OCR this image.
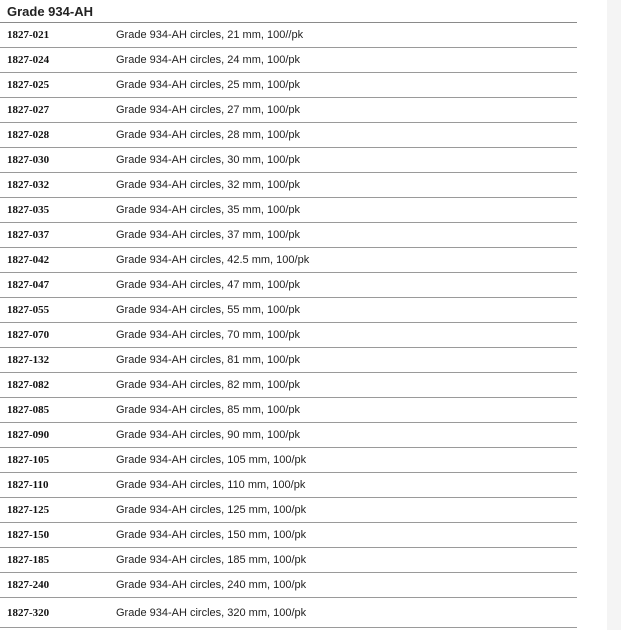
Grade 934-AH
1827-021	Grade 934-AH circles, 21 mm, 100//pk
1827-024	Grade 934-AH circles, 24 mm, 100/pk
1827-025	Grade 934-AH circles, 25 mm, 100/pk
1827-027	Grade 934-AH circles, 27 mm, 100/pk
1827-028	Grade 934-AH circles, 28 mm, 100/pk
1827-030	Grade 934-AH circles, 30 mm, 100/pk
1827-032	Grade 934-AH circles, 32 mm, 100/pk
1827-035	Grade 934-AH circles, 35 mm, 100/pk
1827-037	Grade 934-AH circles, 37 mm, 100/pk
1827-042	Grade 934-AH circles, 42.5 mm, 100/pk
1827-047	Grade 934-AH circles, 47 mm, 100/pk
1827-055	Grade 934-AH circles, 55 mm, 100/pk
1827-070	Grade 934-AH circles, 70 mm, 100/pk
1827-132	Grade 934-AH circles, 81 mm, 100/pk
1827-082	Grade 934-AH circles, 82 mm, 100/pk
1827-085	Grade 934-AH circles, 85 mm, 100/pk
1827-090	Grade 934-AH circles, 90 mm, 100/pk
1827-105	Grade 934-AH circles, 105 mm, 100/pk
1827-110	Grade 934-AH circles, 110 mm, 100/pk
1827-125	Grade 934-AH circles, 125 mm, 100/pk
1827-150	Grade 934-AH circles, 150 mm, 100/pk
1827-185	Grade 934-AH circles, 185 mm, 100/pk
1827-240	Grade 934-AH circles, 240 mm, 100/pk
1827-320	Grade 934-AH circles, 320 mm, 100/pk
